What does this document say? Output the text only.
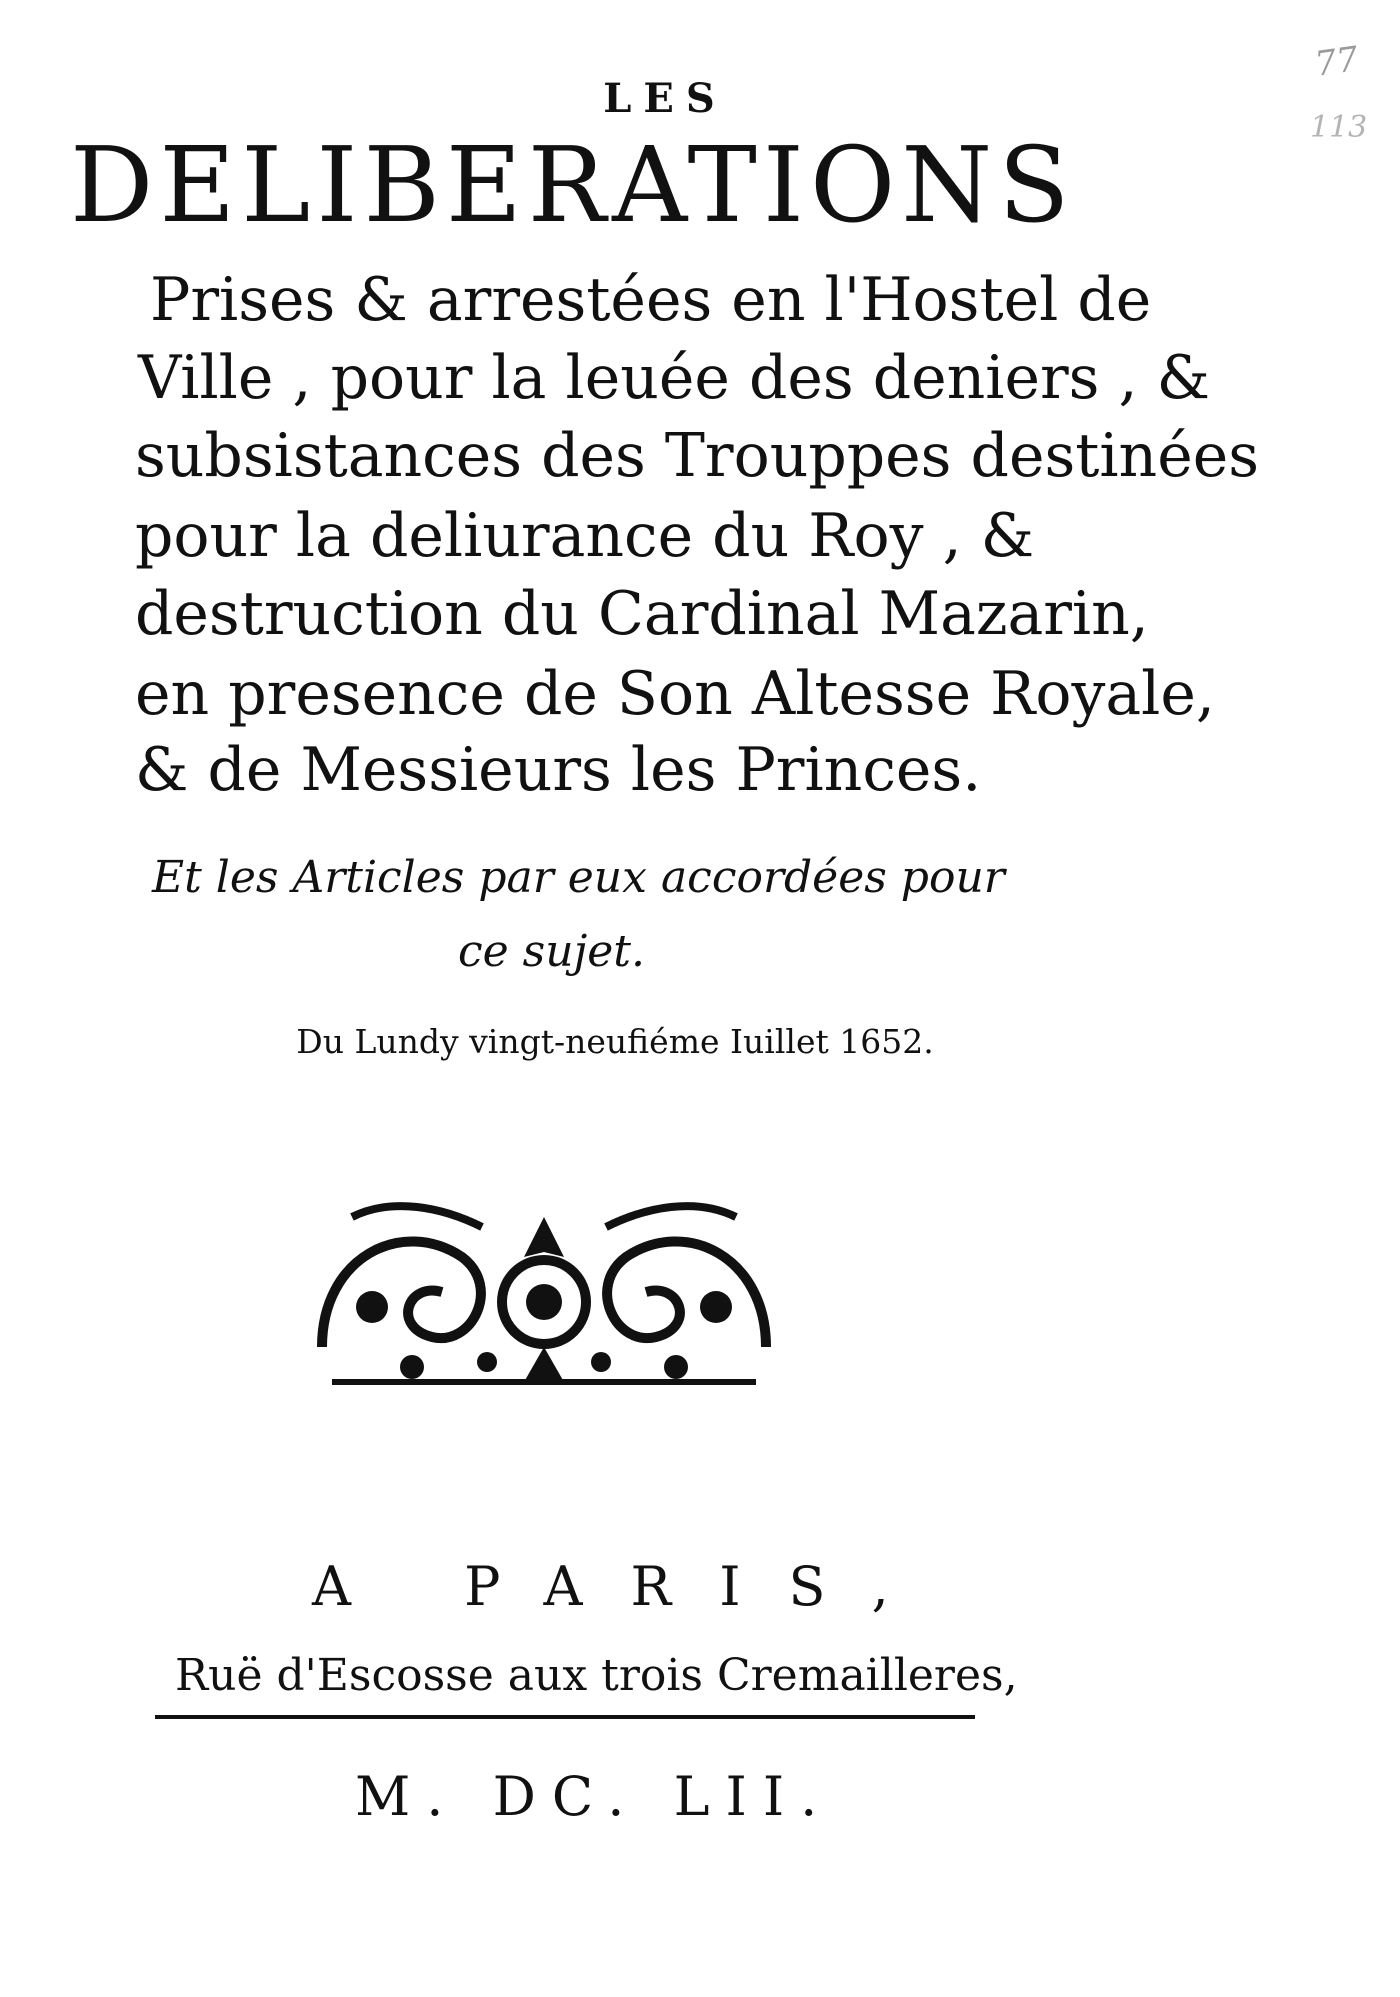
77
113
LES
DELIBERATIONS
Prises & arrestées en l'Hostel de
Ville , pour la leuée des deniers , &
subsistances des Trouppes destinées
pour la deliurance du Roy , &
destruction du Cardinal Mazarin,
en presence de Son Altesse Royale,
& de Messieurs les Princes.
Et les Articles par eux accordées pour
ce sujet.
Du Lundy vingt-neufiéme Iuillet 1652.
A PARIS,
Ruë d'Escosse aux trois Cremailleres,
M. DC. LII.
